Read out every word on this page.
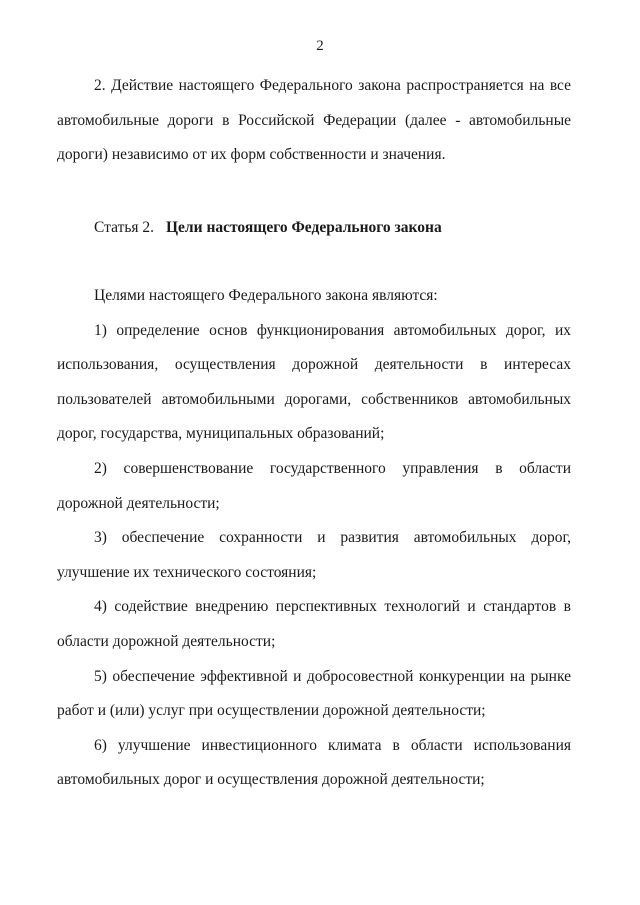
2

2. Действие настоящего Федерального закона распространяется на все автомобильные дороги в Российской Федерации (далее - автомобильные дороги) независимо от их форм собственности и значения.

Статья 2. Цели настоящего Федерального закона

Целями настоящего Федерального закона являются:

1) определение основ функционирования автомобильных дорог, их использования, осуществления дорожной деятельности в интересах пользователей автомобильными дорогами, собственников автомобильных дорог, государства, муниципальных образований;

2) совершенствование государственного управления в области дорожной деятельности;

3) обеспечение сохранности и развития автомобильных дорог, улучшение их технического состояния;

4) содействие внедрению перспективных технологий и стандартов в области дорожной деятельности;

5) обеспечение эффективной и добросовестной конкуренции на рынке работ и (или) услуг при осуществлении дорожной деятельности;

6) улучшение инвестиционного климата в области использования автомобильных дорог и осуществления дорожной деятельности;
